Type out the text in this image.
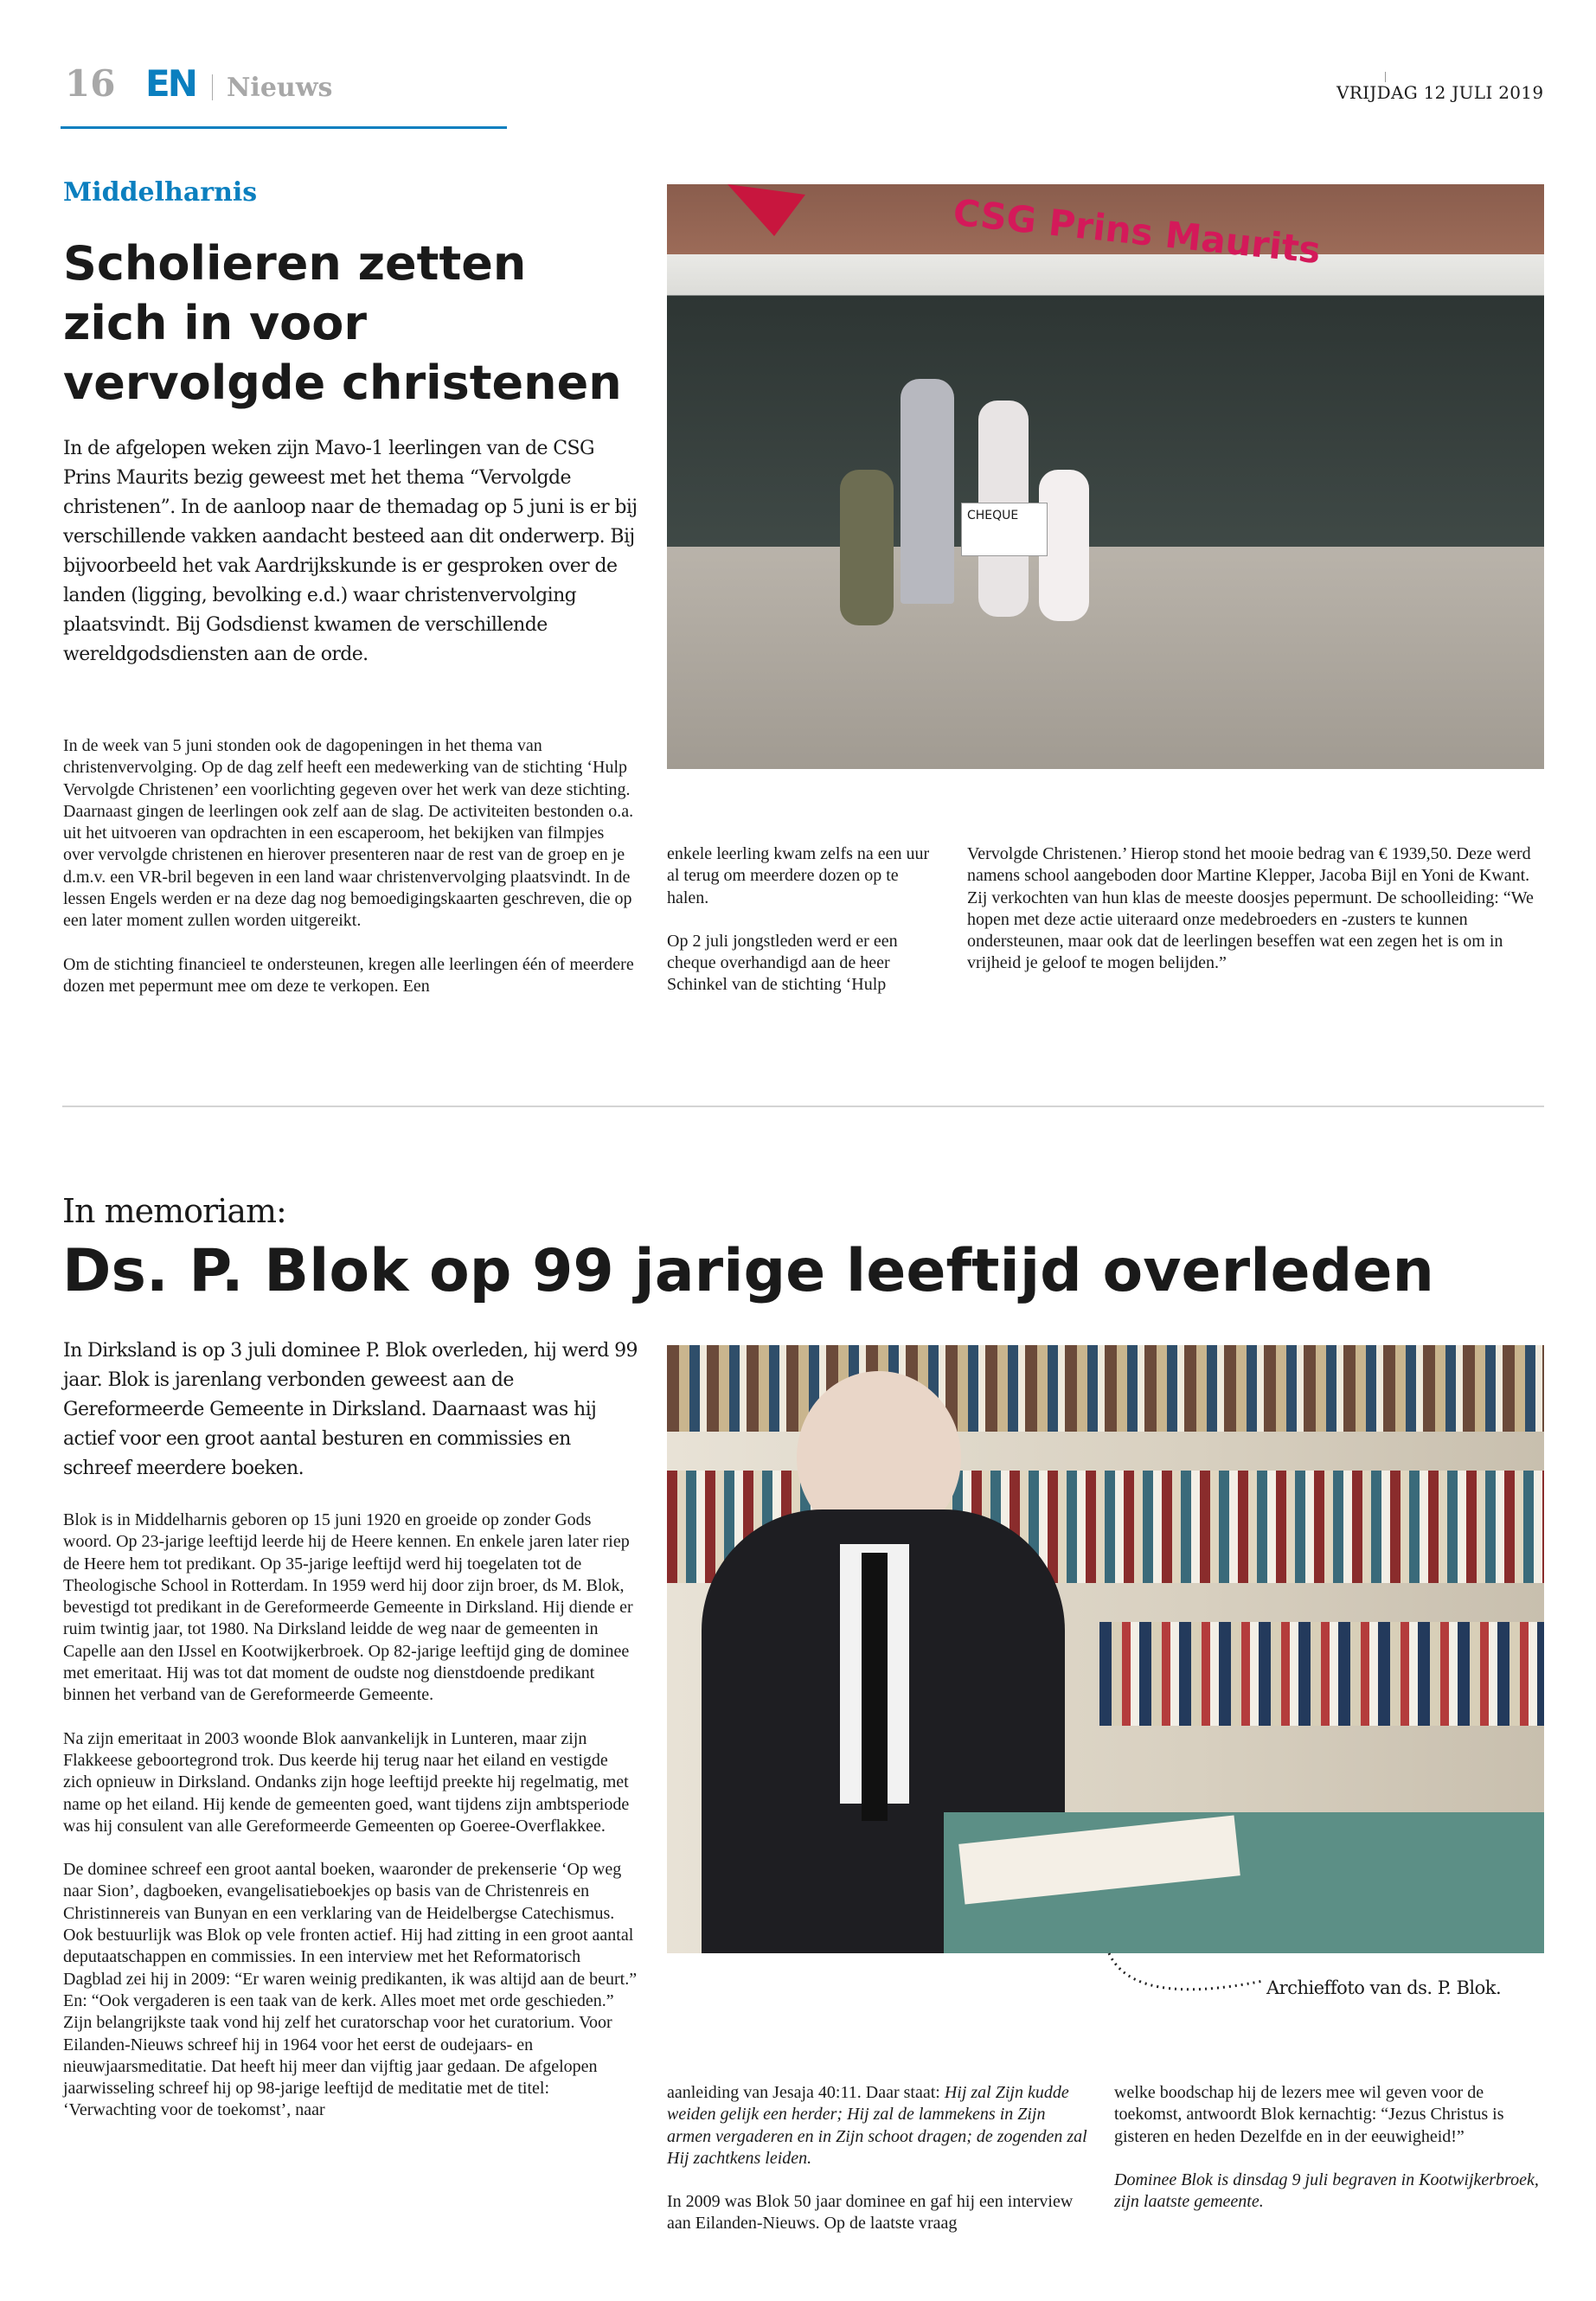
16 EN Nieuws	VRIJDAG 12 JULI 2019
Middelharnis
Scholieren zetten zich in voor vervolgde christenen
In de afgelopen weken zijn Mavo-1 leerlingen van de CSG Prins Maurits bezig geweest met het thema “Vervolgde christenen”. In de aanloop naar de themadag op 5 juni is er bij verschillende vakken aandacht besteed aan dit onderwerp. Bij bijvoorbeeld het vak Aardrijkskunde is er gesproken over de landen (ligging, bevolking e.d.) waar christenvervolging plaatsvindt. Bij Godsdienst kwamen de verschillende wereldgodsdiensten aan de orde.

In de week van 5 juni stonden ook de dagopeningen in het thema van christenvervolging. Op de dag zelf heeft een medewerking van de stichting ‘Hulp Vervolgde Christenen’ een voorlichting gegeven over het werk van deze stichting. Daarnaast gingen de leerlingen ook zelf aan de slag. De activiteiten bestonden o.a. uit het uitvoeren van opdrachten in een escaperoom, het bekijken van filmpjes over vervolgde christenen en hierover presenteren naar de rest van de groep en je d.m.v. een VR-bril begeven in een land waar christenvervolging plaatsvindt. In de lessen Engels werden er na deze dag nog bemoedigingskaarten geschreven, die op een later moment zullen worden uitgereikt.

Om de stichting financieel te ondersteunen, kregen alle leerlingen één of meerdere dozen met pepermunt mee om deze te verkopen. Een

CSG Prins Maurits
CHEQUE

enkele leerling kwam zelfs na een uur al terug om meerdere dozen op te halen.

Op 2 juli jongstleden werd er een cheque overhandigd aan de heer Schinkel van de stichting ‘Hulp

Vervolgde Christenen.’ Hierop stond het mooie bedrag van € 1939,50. Deze werd namens school aangeboden door Martine Klepper, Jacoba Bijl en Yoni de Kwant. Zij verkochten van hun klas de meeste doosjes pepermunt. De schoolleiding: “We hopen met deze actie uiteraard onze medebroeders en -zusters te kunnen ondersteunen, maar ook dat de leerlingen beseffen wat een zegen het is om in vrijheid je geloof te mogen belijden.”

In memoriam:
Ds. P. Blok op 99 jarige leeftijd overleden
In Dirksland is op 3 juli dominee P. Blok overleden, hij werd 99 jaar. Blok is jarenlang verbonden geweest aan de Gereformeerde Gemeente in Dirksland. Daarnaast was hij actief voor een groot aantal besturen en commissies en schreef meerdere boeken.

Blok is in Middelharnis geboren op 15 juni 1920 en groeide op zonder Gods woord. Op 23-jarige leeftijd leerde hij de Heere kennen. En enkele jaren later riep de Heere hem tot predikant. Op 35-jarige leeftijd werd hij toegelaten tot de Theologische School in Rotterdam. In 1959 werd hij door zijn broer, ds M. Blok, bevestigd tot predikant in de Gereformeerde Gemeente in Dirksland. Hij diende er ruim twintig jaar, tot 1980. Na Dirksland leidde de weg naar de gemeenten in Capelle aan den IJssel en Kootwijkerbroek. Op 82-jarige leeftijd ging de dominee met emeritaat. Hij was tot dat moment de oudste nog dienstdoende predikant binnen het verband van de Gereformeerde Gemeente.

Na zijn emeritaat in 2003 woonde Blok aanvankelijk in Lunteren, maar zijn Flakkeese geboortegrond trok. Dus keerde hij terug naar het eiland en vestigde zich opnieuw in Dirksland. Ondanks zijn hoge leeftijd preekte hij regelmatig, met name op het eiland. Hij kende de gemeenten goed, want tijdens zijn ambtsperiode was hij consulent van alle Gereformeerde Gemeenten op Goeree-Overflakkee.

De dominee schreef een groot aantal boeken, waaronder de prekenserie ‘Op weg naar Sion’, dagboeken, evangelisatieboekjes op basis van de Christenreis en Christinnereis van Bunyan en een verklaring van de Heidelbergse Catechismus. Ook bestuurlijk was Blok op vele fronten actief. Hij had zitting in een groot aantal deputaatschappen en commissies. In een interview met het Reformatorisch Dagblad zei hij in 2009: “Er waren weinig predikanten, ik was altijd aan de beurt.” En: “Ook vergaderen is een taak van de kerk. Alles moet met orde geschieden.” Zijn belangrijkste taak vond hij zelf het curatorschap voor het curatorium. Voor Eilanden-Nieuws schreef hij in 1964 voor het eerst de oudejaars- en nieuwjaarsmeditatie. Dat heeft hij meer dan vijftig jaar gedaan. De afgelopen jaarwisseling schreef hij op 98-jarige leeftijd de meditatie met de titel: ‘Verwachting voor de toekomst’, naar

Archieffoto van ds. P. Blok.

aanleiding van Jesaja 40:11. Daar staat: Hij zal Zijn kudde weiden gelijk een herder; Hij zal de lammekens in Zijn armen vergaderen en in Zijn schoot dragen; de zogenden zal Hij zachtkens leiden.

In 2009 was Blok 50 jaar dominee en gaf hij een interview aan Eilanden-Nieuws. Op de laatste vraag

welke boodschap hij de lezers mee wil geven voor de toekomst, antwoordt Blok kernachtig: “Jezus Christus is gisteren en heden Dezelfde en in der eeuwigheid!”

Dominee Blok is dinsdag 9 juli begraven in Kootwijkerbroek, zijn laatste gemeente.
